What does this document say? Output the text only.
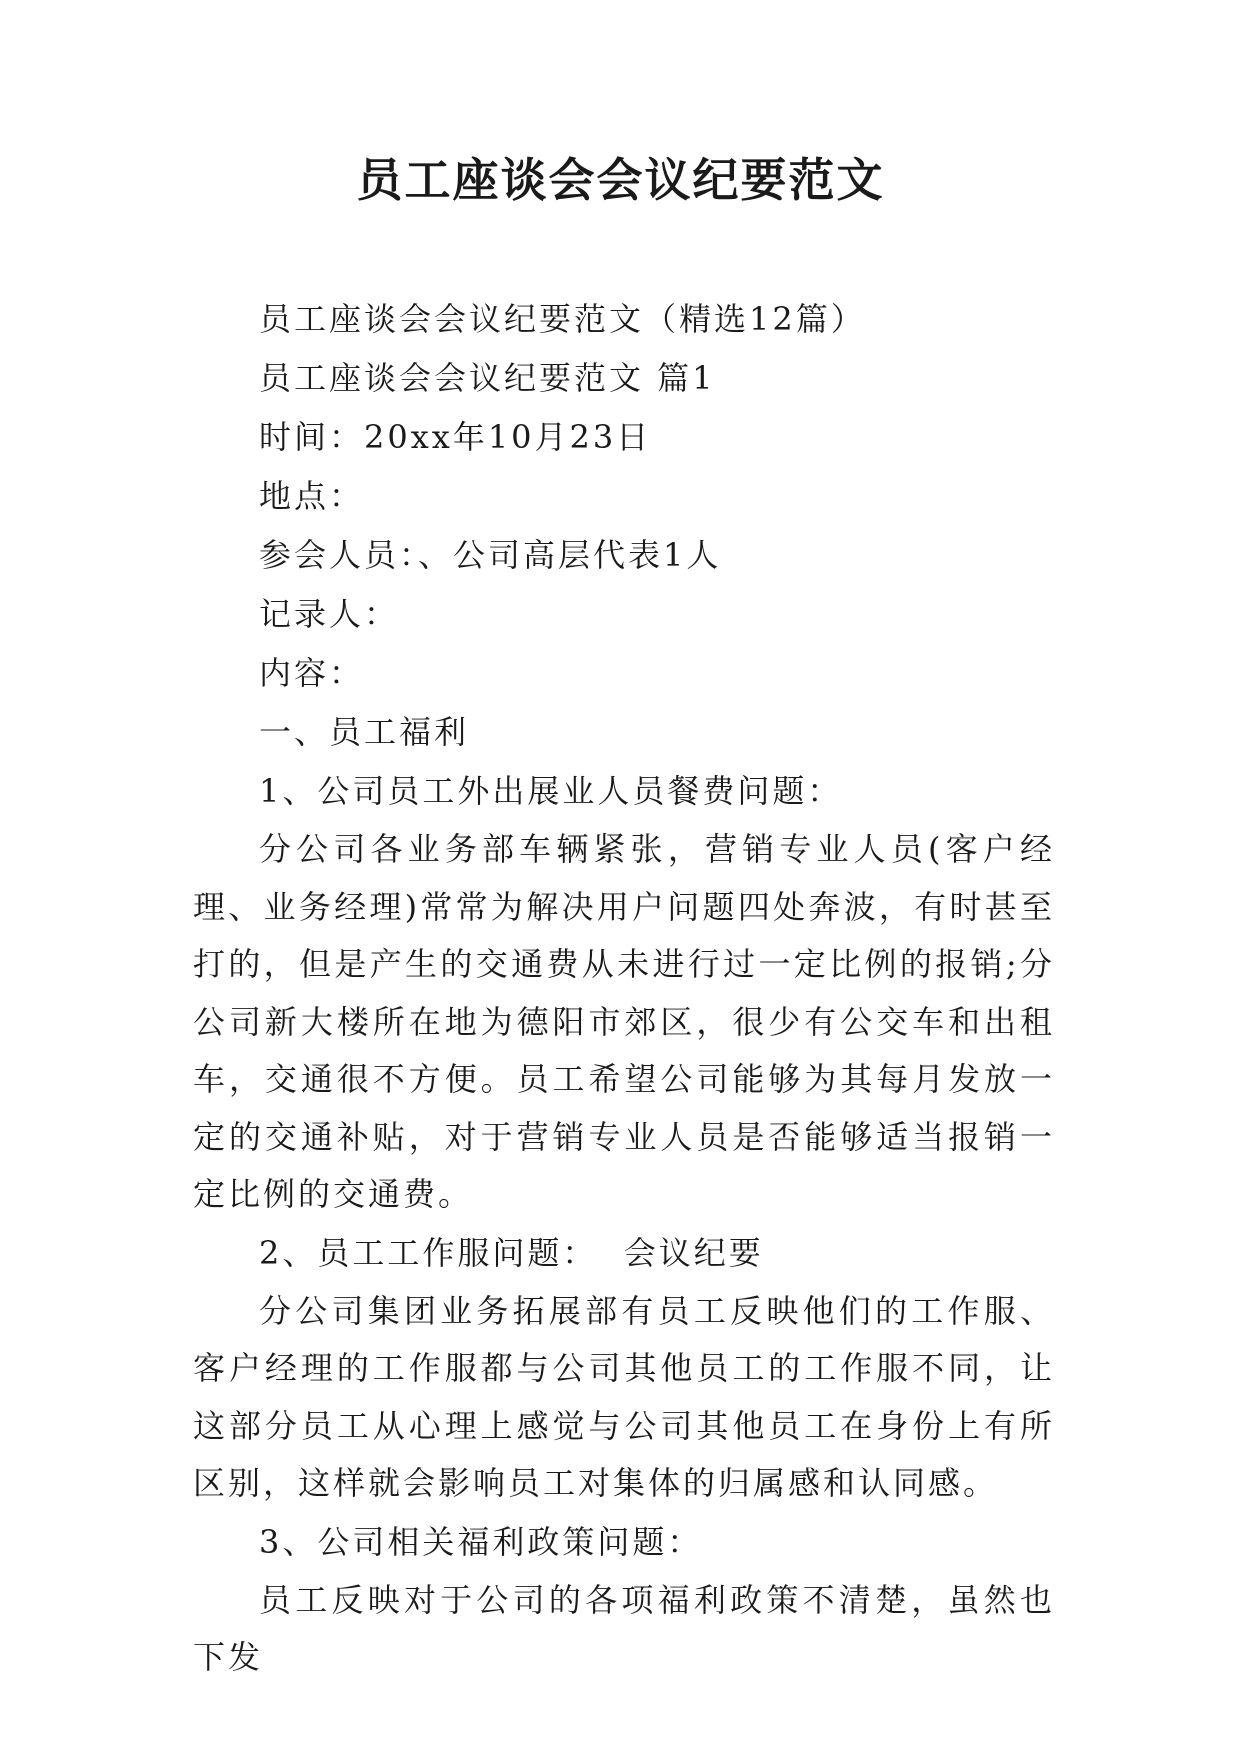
员工座谈会会议纪要范文

员工座谈会会议纪要范文（精选12篇）

员工座谈会会议纪要范文 篇1

时间：20xx年10月23日

地点：

参会人员：、公司高层代表1人

记录人：

内容：

一、员工福利

1、公司员工外出展业人员餐费问题：

分公司各业务部车辆紧张，营销专业人员(客户经理、业务经理)常常为解决用户问题四处奔波，有时甚至打的，但是产生的交通费从未进行过一定比例的报销;分公司新大楼所在地为德阳市郊区，很少有公交车和出租车，交通很不方便。员工希望公司能够为其每月发放一定的交通补贴，对于营销专业人员是否能够适当报销一定比例的交通费。

2、员工工作服问题：  会议纪要

分公司集团业务拓展部有员工反映他们的工作服、客户经理的工作服都与公司其他员工的工作服不同，让这部分员工从心理上感觉与公司其他员工在身份上有所区别，这样就会影响员工对集体的归属感和认同感。

3、公司相关福利政策问题：

员工反映对于公司的各项福利政策不清楚，虽然也下发
